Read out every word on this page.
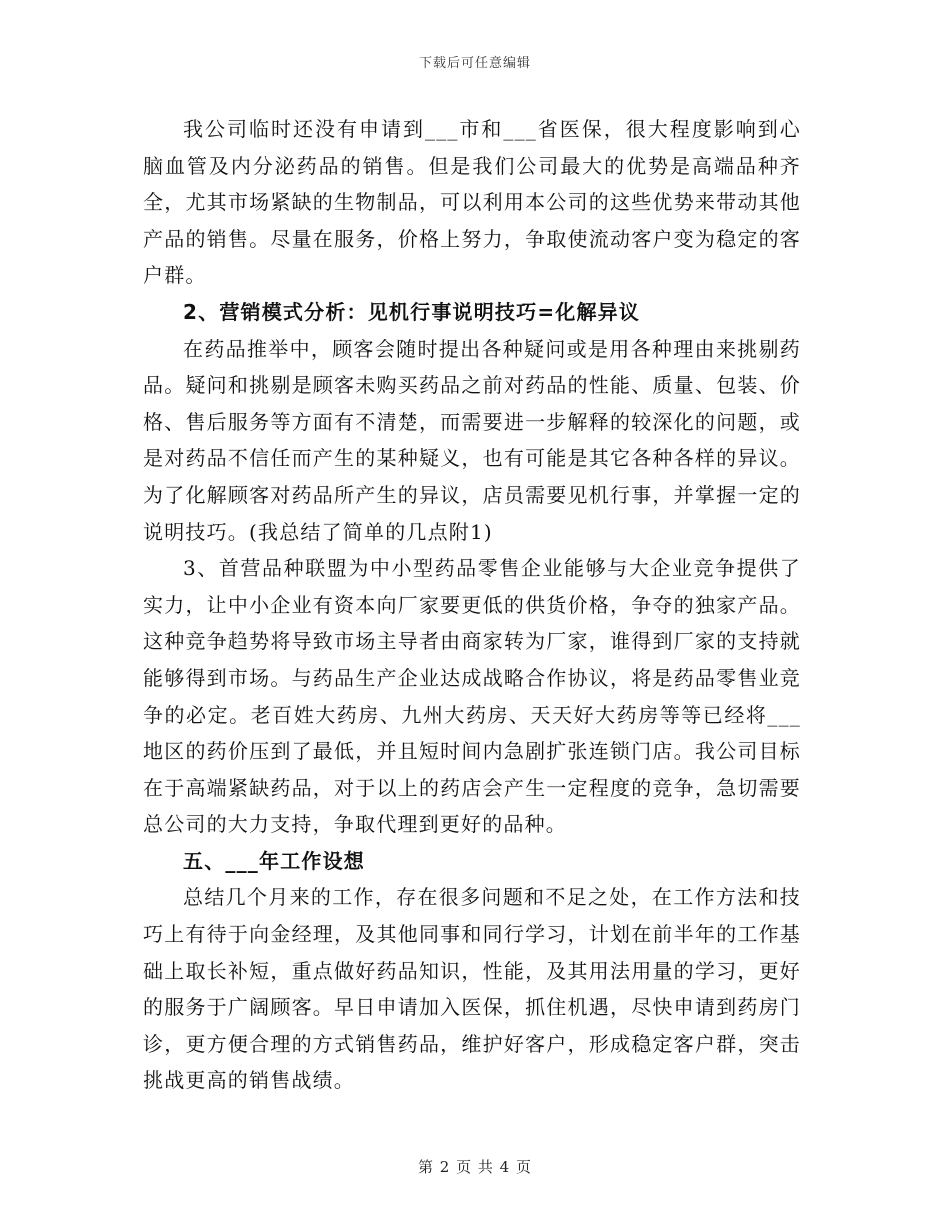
下载后可任意编辑

我公司临时还没有申请到___市和___省医保，很大程度影响到心脑血管及内分泌药品的销售。但是我们公司最大的优势是高端品种齐全，尤其市场紧缺的生物制品，可以利用本公司的这些优势来带动其他产品的销售。尽量在服务，价格上努力，争取使流动客户变为稳定的客户群。

2、营销模式分析：见机行事说明技巧=化解异议

在药品推举中，顾客会随时提出各种疑问或是用各种理由来挑剔药品。疑问和挑剔是顾客未购买药品之前对药品的性能、质量、包装、价格、售后服务等方面有不清楚，而需要进一步解释的较深化的问题，或是对药品不信任而产生的某种疑义，也有可能是其它各种各样的异议。为了化解顾客对药品所产生的异议，店员需要见机行事，并掌握一定的说明技巧。(我总结了简单的几点附1)

3、首营品种联盟为中小型药品零售企业能够与大企业竞争提供了实力，让中小企业有资本向厂家要更低的供货价格，争夺的独家产品。这种竞争趋势将导致市场主导者由商家转为厂家，谁得到厂家的支持就能够得到市场。与药品生产企业达成战略合作协议，将是药品零售业竞争的必定。老百姓大药房、九州大药房、天天好大药房等等已经将___地区的药价压到了最低，并且短时间内急剧扩张连锁门店。我公司目标在于高端紧缺药品，对于以上的药店会产生一定程度的竞争，急切需要总公司的大力支持，争取代理到更好的品种。

五、___年工作设想

总结几个月来的工作，存在很多问题和不足之处，在工作方法和技巧上有待于向金经理，及其他同事和同行学习，计划在前半年的工作基础上取长补短，重点做好药品知识，性能，及其用法用量的学习，更好的服务于广阔顾客。早日申请加入医保，抓住机遇，尽快申请到药房门诊，更方便合理的方式销售药品，维护好客户，形成稳定客户群，突击挑战更高的销售战绩。

第 2 页 共 4 页
